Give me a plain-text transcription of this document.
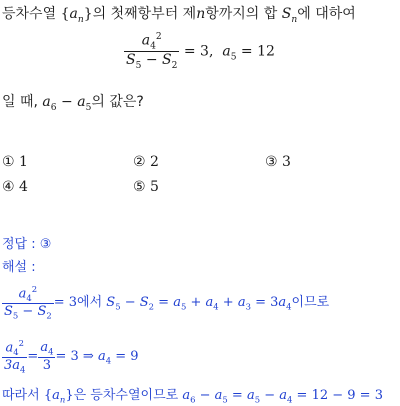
등차수열 $\{a_n\}$의 첫째항부터 제n항까지의 합 $S_n$에 대하여
$\frac{a_4^2}{S_5 - S_2} = 3$, $a_5 = 12$
일 때, $a_6 - a_5$의 값은?
① 1	② 2	③ 3
④ 4	⑤ 5
정답 : ③
해설 :
$\frac{a_4^2}{S_5 - S_2} = 3$에서 $S_5 - S_2 = a_5 + a_4 + a_3 = 3a_4$이므로
$\frac{a_4^2}{3a_4} = \frac{a_4}{3} = 3$ ⇒ $a_4 = 9$
따라서 $\{a_n\}$은 등차수열이므로 $a_6 - a_5 = a_5 - a_4 = 12 - 9 = 3$
